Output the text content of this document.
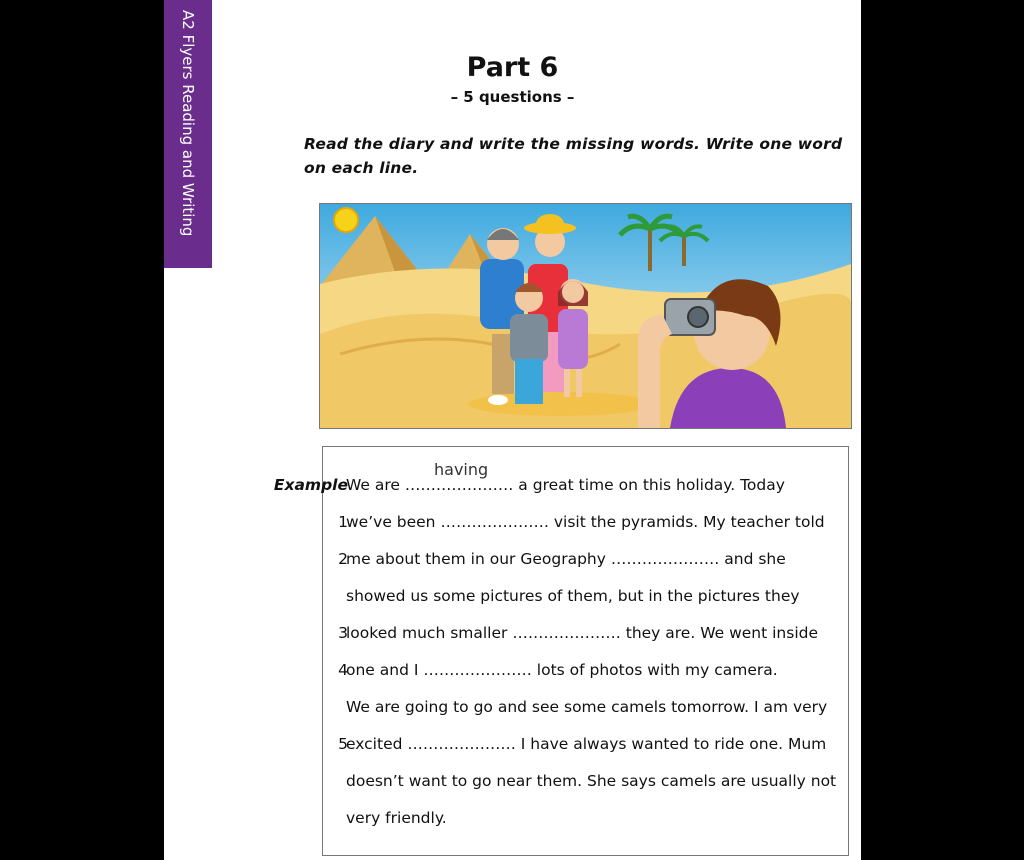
A2 Flyers Reading and Writing	Part 6
– 5 questions –
Read the diary and write the missing words. Write one word on each line.
Example
We are ………………… a great time on this holiday. Today
having
1
we’ve been ………………… visit the pyramids. My teacher told
2
me about them in our Geography ………………… and she
showed us some pictures of them, but in the pictures they
3
looked much smaller ………………… they are. We went inside
4
one and I ………………… lots of photos with my camera.
We are going to go and see some camels tomorrow. I am very
5
excited ………………… I have always wanted to ride one. Mum
doesn’t want to go near them. She says camels are usually not
very friendly.
